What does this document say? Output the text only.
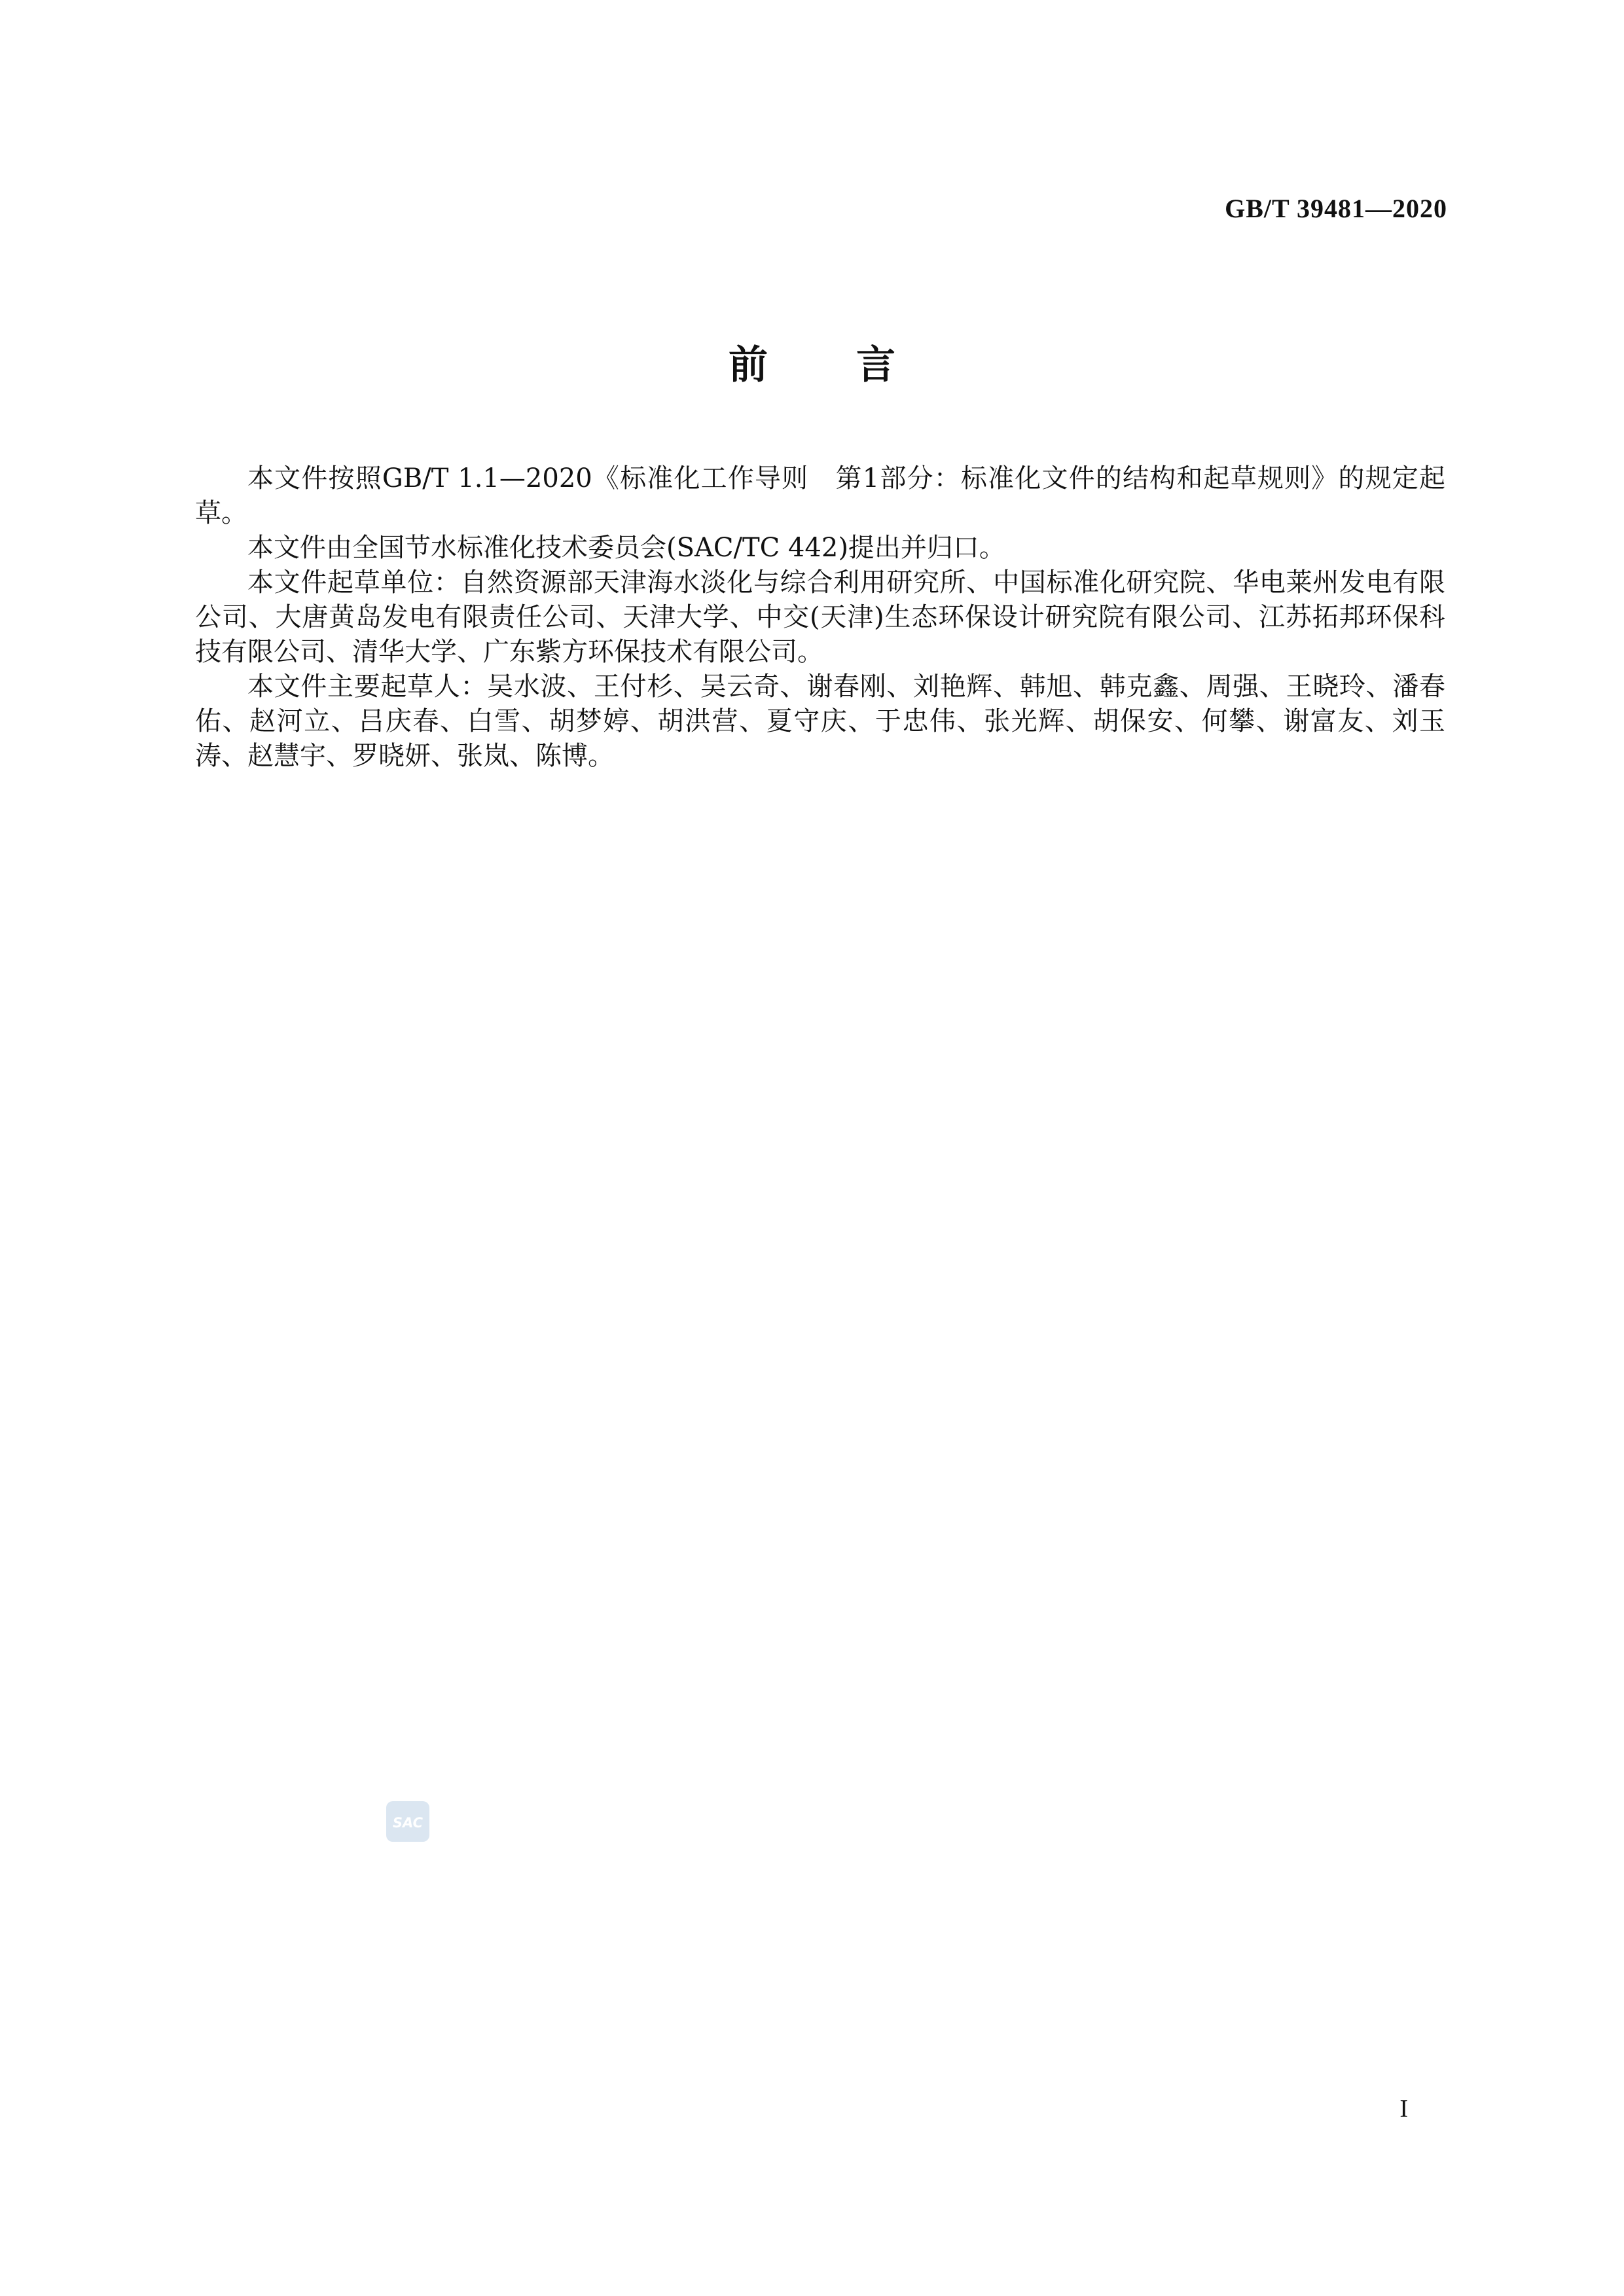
GB/T 39481—2020

前言

本文件按照GB/T 1.1—2020《标准化工作导则　第1部分：标准化文件的结构和起草规则》的规定起草。

本文件由全国节水标准化技术委员会(SAC/TC 442)提出并归口。

本文件起草单位：自然资源部天津海水淡化与综合利用研究所、中国标准化研究院、华电莱州发电有限公司、大唐黄岛发电有限责任公司、天津大学、中交(天津)生态环保设计研究院有限公司、江苏拓邦环保科技有限公司、清华大学、广东紫方环保技术有限公司。

本文件主要起草人：吴水波、王付杉、吴云奇、谢春刚、刘艳辉、韩旭、韩克鑫、周强、王晓玲、潘春佑、赵河立、吕庆春、白雪、胡梦婷、胡洪营、夏守庆、于忠伟、张光辉、胡保安、何攀、谢富友、刘玉涛、赵慧宇、罗晓妍、张岚、陈博。

SAC

I
